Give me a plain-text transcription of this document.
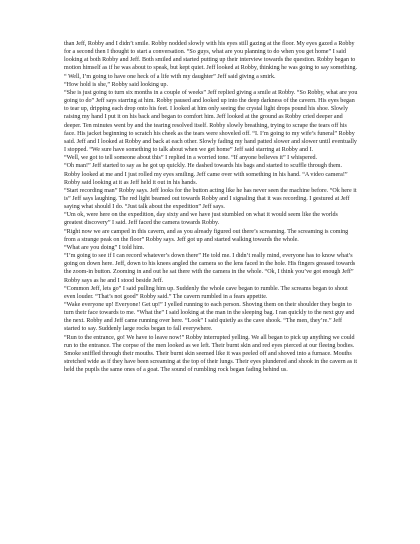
than Jeff, Robby and I didn’t smile. Robby nodded slowly with his eyes still gazing at the floor. My eyes gazed a Robby for a second then I thought to start a conversation. “So guys, what are you planning to do when you get home” I said looking at both Robby and Jeff. Both smiled and started putting up their interview towards the question. Robby began to motion himself as if he was about to speak, but kept quiet. Jeff looked at Robby, thinking he was going to say something.

“ Well, I’m going to have one heck of a life with my daughter” Jeff said giving a smirk.

“How hold is she,” Robby said looking up.

“She is just going to turn six months in a couple of weeks” Jeff replied giving a smile at Robby. “So Robby, what are you going to do” Jeff says starring at him. Robby paused and looked up into the deep darkness of the cavern. His eyes began to tear up, dripping each drop onto his feet. I looked at him only seeing the crystal light drops pound his shoe. Slowly raising my hand I put it on his back and began to comfort him. Jeff looked at the ground as Robby cried deeper and deeper. Ten minutes went by and the tearing resolved itself. Robby slowly breathing, trying to scrape the tears off his face. His jacket beginning to scratch his cheek as the tears were shoveled off. “I. I’m going to my wife’s funeral” Robby said. Jeff and I looked at Robby and back at each other. Slowly fading my hand patted slower and slower until eventually I stopped. “We sure have something to talk about when we get home” Jeff said starring at Robby and I.

“Well, we got to tell someone about this” I replied in a worried tone. “If anyone believes it” I whispered.

“Oh man!” Jeff started to say as he got up quickly. He dashed towards his bags and started to scuffle through them. Robby looked at me and I just rolled my eyes smiling. Jeff came over with something in his hand. “A video camera!” Robby said looking at it as Jeff held it out in his hands.

“Start recording man” Robby says. Jeff looks for the button acting like he has never seen the machine before. “Ok here it is” Jeff says laughing. The red light beamed out towards Robby and I signaling that it was recording. I gestured at Jeff saying what should I do. “Just talk about the expedition” Jeff says.

“Um ok, were here on the expedition, day sixty and we have just stumbled on what it would seem like the worlds greatest discovery” I said. Jeff faced the camera towards Robby.

“Right now we are camped in this cavern, and as you already figured out there’s screaming. The screaming is coming from a strange peak on the floor” Robby says. Jeff got up and started walking towards the whole.

“What are you doing” I told him.

“I’m going to see if I can record whatever’s down there” He told me. I didn’t really mind, everyone has to know what’s going on down here. Jeff, down to his knees angled the camera so the lens faced in the hole. His fingers greased towards the zoom-in button. Zooming in and out he sat there with the camera in the whole. “Ok, I think you’ve got enough Jeff” Robby says as he and I stood beside Jeff.

“Common Jeff, lets go” I said pulling him up. Suddenly the whole cave began to rumble. The screams began to shout even louder. “That’s not good” Robby said.” The cavern rumbled in a fears appetite.

“Wake everyone up! Everyone! Get up!” I yelled running to each person. Shoving them on their shoulder they begin to turn their face towards to me. “What the” I said looking at the man in the sleeping bag. I ran quickly to the next guy and the next. Robby and Jeff came running over here. “Look” I said quietly as the cave shook. “The men, they’re.” Jeff started to say. Suddenly large rocks began to fall everywhere.

“Run to the entrance, go! We have to leave now!” Robby interrupted yelling. We all began to pick up anything we could run to the entrance. The corpse of the men looked as we left. Their burnt skin and red eyes pierced at our fleeing bodies. Smoke sniffled through their mouths. Their burnt skin seemed like it was peeled off and shoved into a furnace. Mouths stretched wide as if they have been screaming at the top of their lungs. Their eyes plundered and shook in the cavern as it held the pupils the same ones of a goat. The sound of rumbling rock began fading behind us.
